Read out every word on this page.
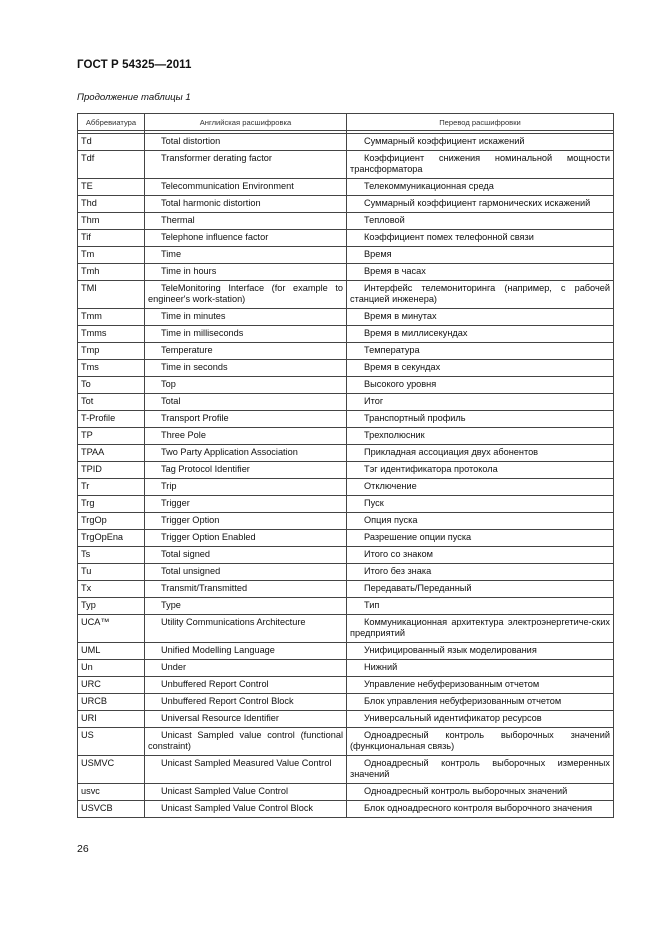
ГОСТ Р 54325—2011
Продолжение таблицы 1
Аббревиатура	Английская расшифровка	Перевод расшифровки

Td	Total distortion	Суммарный коэффициент искажений
Tdf	Transformer derating factor	Коэффициент снижения номинальной мощности трансформатора
TE	Telecommunication Environment	Телекоммуникационная среда
Thd	Total harmonic distortion	Суммарный коэффициент гармонических искажений
Thm	Thermal	Тепловой
Tif	Telephone influence factor	Коэффициент помех телефонной связи
Tm	Time	Время
Tmh	Time in hours	Время в часах
TMI	TeleMonitoring Interface (for example to engineer's work-station)	Интерфейс телемониторинга (например, с рабочей станцией инженера)
Tmm	Time in minutes	Время в минутах
Tmms	Time in milliseconds	Время в миллисекундах
Tmp	Temperature	Температура
Tms	Time in seconds	Время в секундах
To	Top	Высокого уровня
Tot	Total	Итог
T-Profile	Transport Profile	Транспортный профиль
TP	Three Pole	Трехполюсник
TPAA	Two Party Application Association	Прикладная ассоциация двух абонентов
TPID	Tag Protocol Identifier	Тэг идентификатора протокола
Tr	Trip	Отключение
Trg	Trigger	Пуск
TrgOp	Trigger Option	Опция пуска
TrgOpEna	Trigger Option Enabled	Разрешение опции пуска
Ts	Total signed	Итого со знаком
Tu	Total unsigned	Итого без знака
Tx	Transmit/Transmitted	Передавать/Переданный
Typ	Type	Тип
UCA™	Utility Communications Architecture	Коммуникационная архитектура электроэнергетиче-ских предприятий
UML	Unified Modelling Language	Унифицированный язык моделирования
Un	Under	Нижний
URC	Unbuffered Report Control	Управление небуферизованным отчетом
URCB	Unbuffered Report Control Block	Блок управления небуферизованным отчетом
URI	Universal Resource Identifier	Универсальный идентификатор ресурсов
US	Unicast Sampled value control (functional constraint)	Одноадресный контроль выборочных значений (функциональная связь)
USMVC	Unicast Sampled Measured Value Control	Одноадресный контроль выборочных измеренных значений
usvc	Unicast Sampled Value Control	Одноадресный контроль выборочных значений
USVCB	Unicast Sampled Value Control Block	Блок одноадресного контроля выборочного значения
26
